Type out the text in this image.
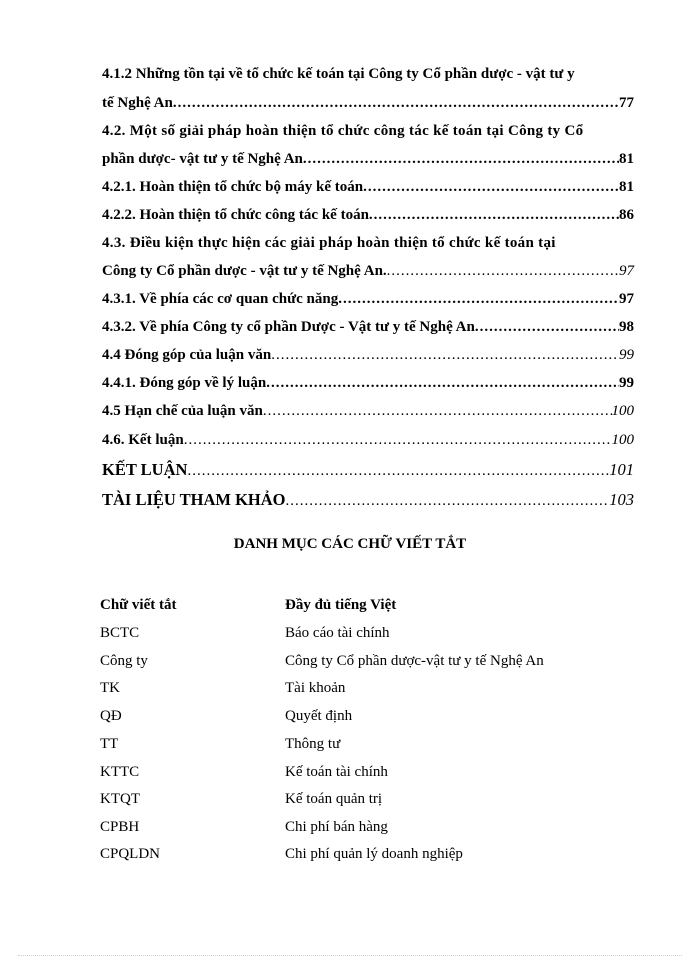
4.1.2 Những tồn tại về tổ chức kế toán tại Công ty Cổ phần dược - vật tư y
tế Nghệ An .....	77
4.2. Một số giải pháp hoàn thiện tổ chức công tác kế toán tại Công ty Cổ
phần dược- vật tư y tế Nghệ An .....	81
4.2.1. Hoàn thiện tổ chức bộ máy kế toán .....	81
4.2.2. Hoàn thiện tổ chức công tác kế toán .....	86
4.3. Điều kiện thực hiện các giải pháp hoàn thiện tổ chức kế toán tại
Công ty Cổ phần dược - vật tư y tế Nghệ An. .....	97
4.3.1. Về phía các cơ quan chức năng .....	97
4.3.2. Về phía Công ty cổ phần Dược - Vật tư y tế Nghệ An .....	98
4.4 Đóng góp của luận văn .....	99
4.4.1. Đóng góp về lý luận .....	99
4.5 Hạn chế của luận văn .....	100
4.6. Kết luận .....	100
KẾT LUẬN .....	101
TÀI LIỆU THAM KHẢO .....	103
DANH MỤC CÁC CHỮ VIẾT TẮT
Chữ viết tắt	Đầy đủ tiếng Việt
BCTC	Báo cáo tài chính
Công ty	Công ty Cổ phần dược-vật tư y tế Nghệ An
TK	Tài khoản
QĐ	Quyết định
TT	Thông tư
KTTC	Kế toán tài chính
KTQT	Kế toán quản trị
CPBH	Chi phí bán hàng
CPQLDN	Chi phí quản lý doanh nghiệp
